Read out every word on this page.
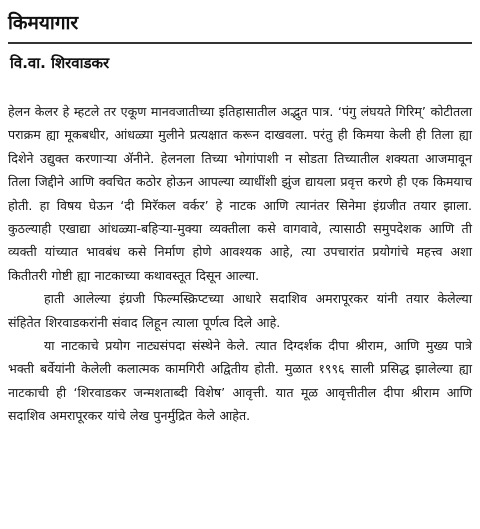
किमयागार
वि.वा. शिरवाडकर

हेलन केलर हे म्हटले तर एकूण मानवजातीच्या इतिहासातील अद्भुत पात्र. ‘पंगु लंघयते गिरिम्’ कोटीतला पराक्रम ह्या मूकबधीर, आंधळ्या मुलीने प्रत्यक्षात करून दाखवला. परंतु ही किमया केली ही तिला ह्या दिशेने उद्युक्त करणाऱ्या ॲनीने. हेलनला तिच्या भोगांपाशी न सोडता तिच्यातील शक्यता आजमावून तिला जिद्दीने आणि क्वचित कठोर होऊन आपल्या व्याधींशी झुंज द्यायला प्रवृत्त करणे ही एक किमयाच होती. हा विषय घेऊन ‘दी मिरॅकल वर्कर’ हे नाटक आणि त्यानंतर सिनेमा इंग्रजीत तयार झाला. कुठल्याही एखाद्या आंधळ्या-बहिऱ्या-मुक्या व्यक्तीला कसे वागवावे, त्यासाठी समुपदेशक आणि ती व्यक्ती यांच्यात भावबंध कसे निर्माण होणे आवश्यक आहे, त्या उपचारांत प्रयोगांचे महत्त्व अशा कितीतरी गोष्टी ह्या नाटकाच्या कथावस्तूत दिसून आल्या.

हाती आलेल्या इंग्रजी फिल्मस्क्रिप्टच्या आधारे सदाशिव अमरापूरकर यांनी तयार केलेल्या संहितेत शिरवाडकरांनी संवाद लिहून त्याला पूर्णत्व दिले आहे.

या नाटकाचे प्रयोग नाट्यसंपदा संस्थेने केले. त्यात दिग्दर्शक दीपा श्रीराम, आणि मुख्य पात्रे भक्ती बर्वेयांनी केलेली कलात्मक कामगिरी अद्वितीय होती. मुळात १९९६ साली प्रसिद्ध झालेल्या ह्या नाटकाची ही ‘शिरवाडकर जन्मशताब्दी विशेष’ आवृत्ती. यात मूळ आवृत्तीतील दीपा श्रीराम आणि सदाशिव अमरापूरकर यांचे लेख पुनर्मुद्रित केले आहेत.
